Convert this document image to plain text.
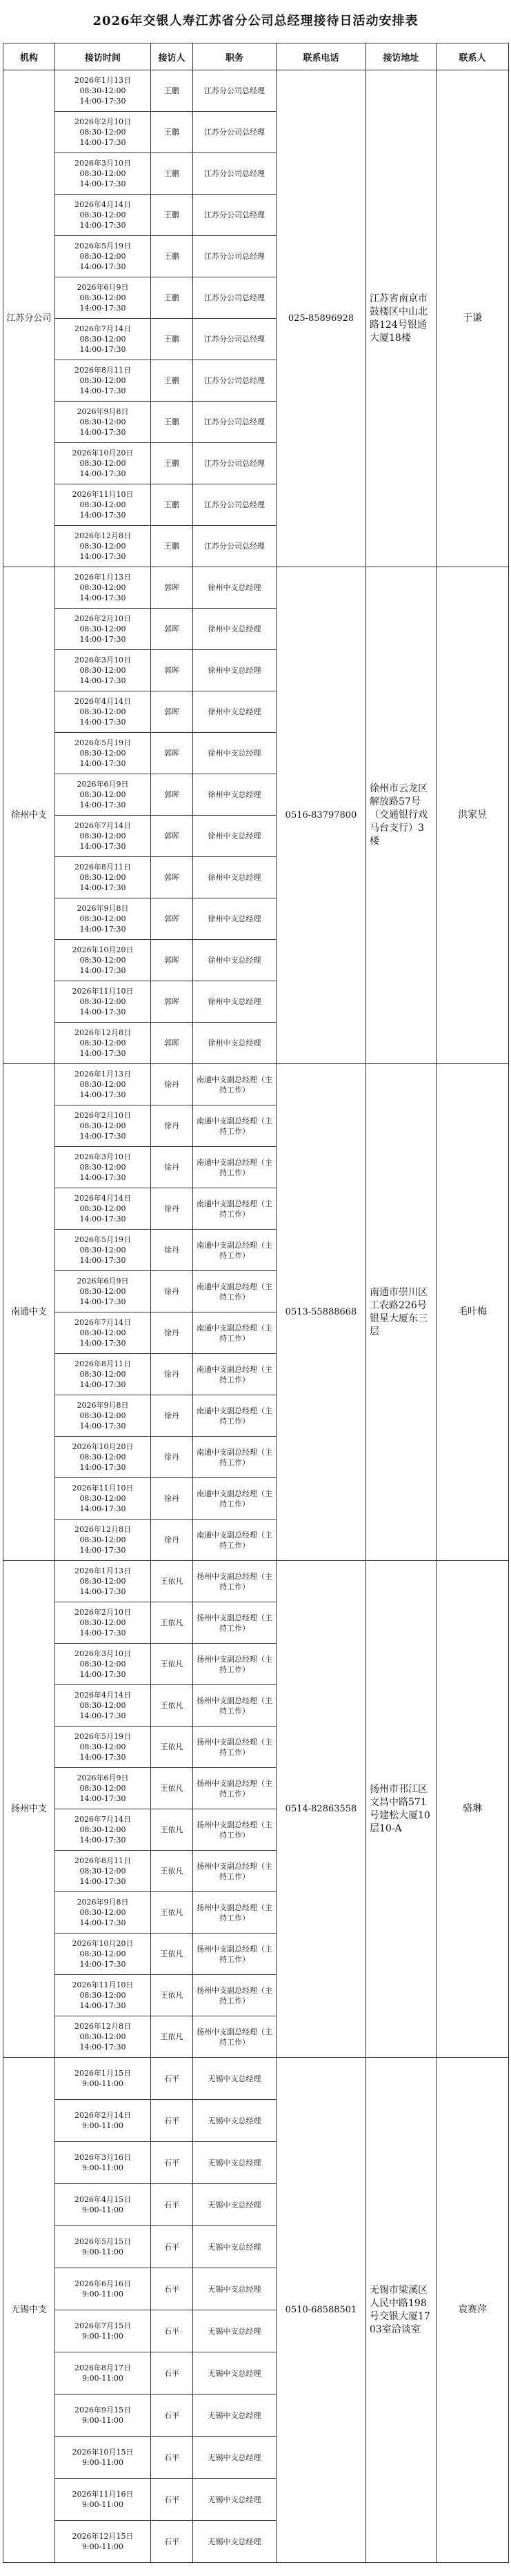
2026年交银人寿江苏省分公司总经理接待日活动安排表
机构	接访时间	接访人	职务	联系电话	接访地址	联系人
江苏分公司	2026年1月13日
08:30-12:00
14:00-17:30	王鹏	江苏分公司总经理	025-85896928	江苏省南京市鼓楼区中山北路124号银通大厦18楼	于谦

	2026年2月10日
08:30-12:00
14:00-17:30	王鹏	江苏分公司总经理			

	2026年3月10日
08:30-12:00
14:00-17:30	王鹏	江苏分公司总经理			

	2026年4月14日
08:30-12:00
14:00-17:30	王鹏	江苏分公司总经理			

	2026年5月19日
08:30-12:00
14:00-17:30	王鹏	江苏分公司总经理			

	2026年6月9日
08:30-12:00
14:00-17:30	王鹏	江苏分公司总经理			

	2026年7月14日
08:30-12:00
14:00-17:30	王鹏	江苏分公司总经理			

	2026年8月11日
08:30-12:00
14:00-17:30	王鹏	江苏分公司总经理			

	2026年9月8日
08:30-12:00
14:00-17:30	王鹏	江苏分公司总经理			

	2026年10月20日
08:30-12:00
14:00-17:30	王鹏	江苏分公司总经理			

	2026年11月10日
08:30-12:00
14:00-17:30	王鹏	江苏分公司总经理			

	2026年12月8日
08:30-12:00
14:00-17:30	王鹏	江苏分公司总经理			
徐州中支	2026年1月13日
08:30-12:00
14:00-17:30	郭晖	徐州中支总经理	0516-83797800	徐州市云龙区解放路57号（交通银行戏马台支行）3楼	洪家昱

	2026年2月10日
08:30-12:00
14:00-17:30	郭晖	徐州中支总经理			

	2026年3月10日
08:30-12:00
14:00-17:30	郭晖	徐州中支总经理			

	2026年4月14日
08:30-12:00
14:00-17:30	郭晖	徐州中支总经理			

	2026年5月19日
08:30-12:00
14:00-17:30	郭晖	徐州中支总经理			

	2026年6月9日
08:30-12:00
14:00-17:30	郭晖	徐州中支总经理			

	2026年7月14日
08:30-12:00
14:00-17:30	郭晖	徐州中支总经理			

	2026年8月11日
08:30-12:00
14:00-17:30	郭晖	徐州中支总经理			

	2026年9月8日
08:30-12:00
14:00-17:30	郭晖	徐州中支总经理			

	2026年10月20日
08:30-12:00
14:00-17:30	郭晖	徐州中支总经理			

	2026年11月10日
08:30-12:00
14:00-17:30	郭晖	徐州中支总经理			

	2026年12月8日
08:30-12:00
14:00-17:30	郭晖	徐州中支总经理			
南通中支	2026年1月13日
08:30-12:00
14:00-17:30	徐丹	南通中支副总经理（主持工作）	0513-55888668	南通市崇川区工农路226号银星大厦东三层	毛叶梅

	2026年2月10日
08:30-12:00
14:00-17:30	徐丹	南通中支副总经理（主持工作）			

	2026年3月10日
08:30-12:00
14:00-17:30	徐丹	南通中支副总经理（主持工作）			

	2026年4月14日
08:30-12:00
14:00-17:30	徐丹	南通中支副总经理（主持工作）			

	2026年5月19日
08:30-12:00
14:00-17:30	徐丹	南通中支副总经理（主持工作）			

	2026年6月9日
08:30-12:00
14:00-17:30	徐丹	南通中支副总经理（主持工作）			

	2026年7月14日
08:30-12:00
14:00-17:30	徐丹	南通中支副总经理（主持工作）			

	2026年8月11日
08:30-12:00
14:00-17:30	徐丹	南通中支副总经理（主持工作）			

	2026年9月8日
08:30-12:00
14:00-17:30	徐丹	南通中支副总经理（主持工作）			

	2026年10月20日
08:30-12:00
14:00-17:30	徐丹	南通中支副总经理（主持工作）			

	2026年11月10日
08:30-12:00
14:00-17:30	徐丹	南通中支副总经理（主持工作）			

	2026年12月8日
08:30-12:00
14:00-17:30	徐丹	南通中支副总经理（主持工作）			
扬州中支	2026年1月13日
08:30-12:00
14:00-17:30	王依凡	扬州中支副总经理（主持工作）	0514-82863558	扬州市邗江区文昌中路571号建松大厦10层10-A	骆琳

	2026年2月10日
08:30-12:00
14:00-17:30	王依凡	扬州中支副总经理（主持工作）			

	2026年3月10日
08:30-12:00
14:00-17:30	王依凡	扬州中支副总经理（主持工作）			

	2026年4月14日
08:30-12:00
14:00-17:30	王依凡	扬州中支副总经理（主持工作）			

	2026年5月19日
08:30-12:00
14:00-17:30	王依凡	扬州中支副总经理（主持工作）			

	2026年6月9日
08:30-12:00
14:00-17:30	王依凡	扬州中支副总经理（主持工作）			

	2026年7月14日
08:30-12:00
14:00-17:30	王依凡	扬州中支副总经理（主持工作）			

	2026年8月11日
08:30-12:00
14:00-17:30	王依凡	扬州中支副总经理（主持工作）			

	2026年9月8日
08:30-12:00
14:00-17:30	王依凡	扬州中支副总经理（主持工作）			

	2026年10月20日
08:30-12:00
14:00-17:30	王依凡	扬州中支副总经理（主持工作）			

	2026年11月10日
08:30-12:00
14:00-17:30	王依凡	扬州中支副总经理（主持工作）			

	2026年12月8日
08:30-12:00
14:00-17:30	王依凡	扬州中支副总经理（主持工作）			
无锡中支	2026年1月15日
9:00-11:00	石平	无锡中支总经理	0510-68588501	无锡市梁溪区人民中路198号交银大厦1703室洽谈室	袁赛萍

	2026年2月14日
9:00-11:00	石平	无锡中支总经理			

	2026年3月16日
9:00-11:00	石平	无锡中支总经理			

	2026年4月15日
9:00-11:00	石平	无锡中支总经理			

	2026年5月15日
9:00-11:00	石平	无锡中支总经理			

	2026年6月16日
9:00-11:00	石平	无锡中支总经理			

	2026年7月15日
9:00-11:00	石平	无锡中支总经理			

	2026年8月17日
9:00-11:00	石平	无锡中支总经理			

	2026年9月15日
9:00-11:00	石平	无锡中支总经理			

	2026年10月15日
9:00-11:00	石平	无锡中支总经理			

	2026年11月16日
9:00-11:00	石平	无锡中支总经理			

	2026年12月15日
9:00-11:00	石平	无锡中支总经理			
